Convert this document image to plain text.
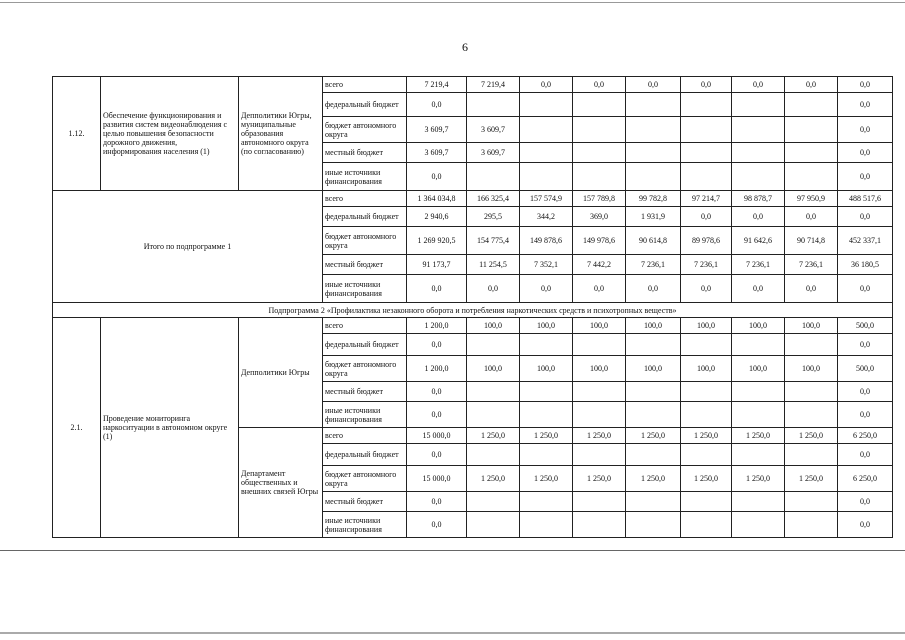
6
1.12.	Обеспечение функционирования и развития систем видеонаблюдения с целью повышения безопасности дорожного движения, информирования населения (1)	Депполитики Югры, муниципальные образования автономного округа (по согласованию)	всего	7 219,4	7 219,4	0,0	0,0	0,0	0,0	0,0	0,0	0,0
			федеральный бюджет	0,0								0,0
			бюджет автономного округа	3 609,7	3 609,7							0,0
			местный бюджет	3 609,7	3 609,7							0,0
			иные источники финансирования	0,0								0,0
Итого по подпрограмме 1			всего	1 364 034,8	166 325,4	157 574,9	157 789,8	99 782,8	97 214,7	98 878,7	97 950,9	488 517,6
			федеральный бюджет	2 940,6	295,5	344,2	369,0	1 931,9	0,0	0,0	0,0	0,0
			бюджет автономного округа	1 269 920,5	154 775,4	149 878,6	149 978,6	90 614,8	89 978,6	91 642,6	90 714,8	452 337,1
			местный бюджет	91 173,7	11 254,5	7 352,1	7 442,2	7 236,1	7 236,1	7 236,1	7 236,1	36 180,5
			иные источники финансирования	0,0	0,0	0,0	0,0	0,0	0,0	0,0	0,0	0,0
Подпрограмма 2 «Профилактика незаконного оборота и потребления наркотических средств и психотропных веществ»												
2.1.	Проведение мониторинга наркоситуации в автономном округе (1)	Депполитики Югры	всего	1 200,0	100,0	100,0	100,0	100,0	100,0	100,0	100,0	500,0
			федеральный бюджет	0,0								0,0
			бюджет автономного округа	1 200,0	100,0	100,0	100,0	100,0	100,0	100,0	100,0	500,0
			местный бюджет	0,0								0,0
			иные источники финансирования	0,0								0,0
		Департамент общественных и внешних связей Югры	всего	15 000,0	1 250,0	1 250,0	1 250,0	1 250,0	1 250,0	1 250,0	1 250,0	6 250,0
			федеральный бюджет	0,0								0,0
			бюджет автономного округа	15 000,0	1 250,0	1 250,0	1 250,0	1 250,0	1 250,0	1 250,0	1 250,0	6 250,0
			местный бюджет	0,0								0,0
			иные источники финансирования	0,0								0,0
